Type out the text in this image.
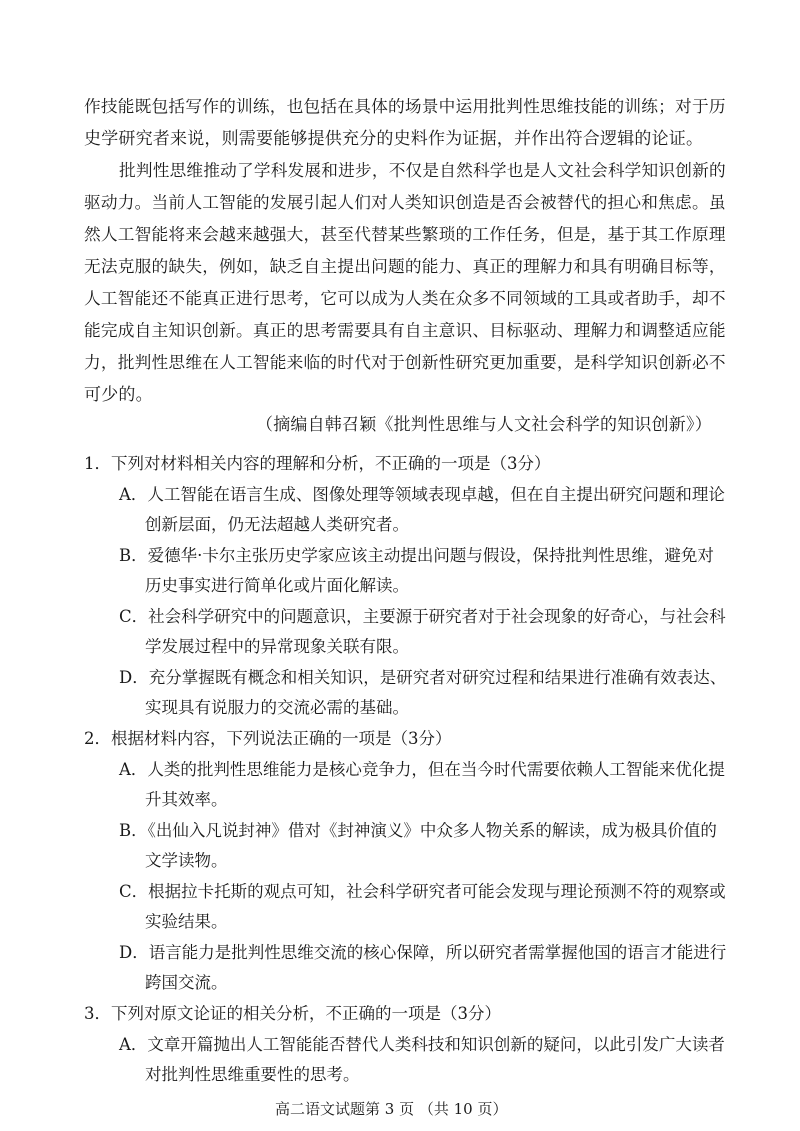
作技能既包括写作的训练，也包括在具体的场景中运用批判性思维技能的训练；对于历
史学研究者来说，则需要能够提供充分的史料作为证据，并作出符合逻辑的论证。
批判性思维推动了学科发展和进步，不仅是自然科学也是人文社会科学知识创新的
驱动力。当前人工智能的发展引起人们对人类知识创造是否会被替代的担心和焦虑。虽
然人工智能将来会越来越强大，甚至代替某些繁琐的工作任务，但是，基于其工作原理
无法克服的缺失，例如，缺乏自主提出问题的能力、真正的理解力和具有明确目标等，
人工智能还不能真正进行思考，它可以成为人类在众多不同领域的工具或者助手，却不
能完成自主知识创新。真正的思考需要具有自主意识、目标驱动、理解力和调整适应能
力，批判性思维在人工智能来临的时代对于创新性研究更加重要，是科学知识创新必不
可少的。
（摘编自韩召颖《批判性思维与人文社会科学的知识创新》）
1．下列对材料相关内容的理解和分析，不正确的一项是（3分）
A．人工智能在语言生成、图像处理等领域表现卓越，但在自主提出研究问题和理论
创新层面，仍无法超越人类研究者。
B．爱德华·卡尔主张历史学家应该主动提出问题与假设，保持批判性思维，避免对
历史事实进行简单化或片面化解读。
C．社会科学研究中的问题意识，主要源于研究者对于社会现象的好奇心，与社会科
学发展过程中的异常现象关联有限。
D．充分掌握既有概念和相关知识，是研究者对研究过程和结果进行准确有效表达、
实现具有说服力的交流必需的基础。
2．根据材料内容，下列说法正确的一项是（3分）
A．人类的批判性思维能力是核心竞争力，但在当今时代需要依赖人工智能来优化提
升其效率。
B．《出仙入凡说封神》借对《封神演义》中众多人物关系的解读，成为极具价值的
文学读物。
C．根据拉卡托斯的观点可知，社会科学研究者可能会发现与理论预测不符的观察或
实验结果。
D．语言能力是批判性思维交流的核心保障，所以研究者需掌握他国的语言才能进行
跨国交流。
3．下列对原文论证的相关分析，不正确的一项是（3分）
A．文章开篇抛出人工智能能否替代人类科技和知识创新的疑问，以此引发广大读者
对批判性思维重要性的思考。
高二语文试题第 3 页 （共 10 页）
